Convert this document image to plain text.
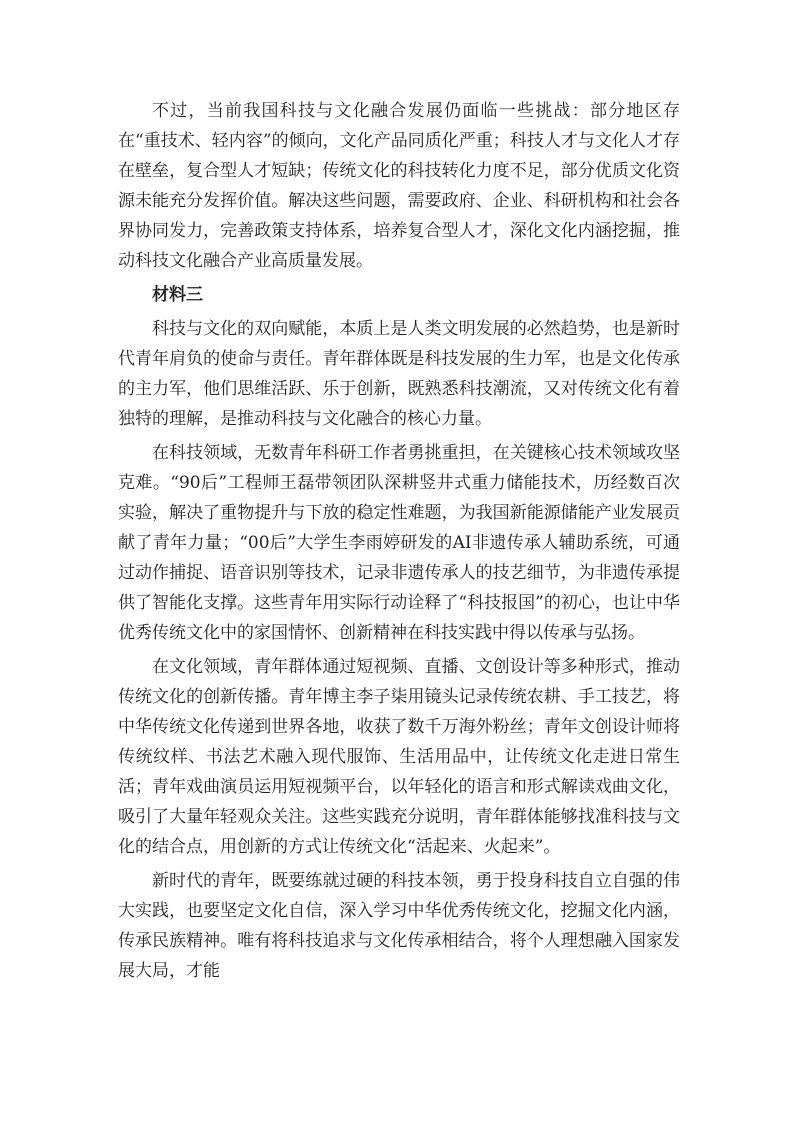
不过，当前我国科技与文化融合发展仍面临一些挑战：部分地区存在“重技术、轻内容”的倾向，文化产品同质化严重；科技人才与文化人才存在壁垒，复合型人才短缺；传统文化的科技转化力度不足，部分优质文化资源未能充分发挥价值。解决这些问题，需要政府、企业、科研机构和社会各界协同发力，完善政策支持体系，培养复合型人才，深化文化内涵挖掘，推动科技文化融合产业高质量发展。

材料三

科技与文化的双向赋能，本质上是人类文明发展的必然趋势，也是新时代青年肩负的使命与责任。青年群体既是科技发展的生力军，也是文化传承的主力军，他们思维活跃、乐于创新，既熟悉科技潮流，又对传统文化有着独特的理解，是推动科技与文化融合的核心力量。

在科技领域，无数青年科研工作者勇挑重担，在关键核心技术领域攻坚克难。“90后”工程师王磊带领团队深耕竖井式重力储能技术，历经数百次实验，解决了重物提升与下放的稳定性难题，为我国新能源储能产业发展贡献了青年力量；“00后”大学生李雨婷研发的AI非遗传承人辅助系统，可通过动作捕捉、语音识别等技术，记录非遗传承人的技艺细节，为非遗传承提供了智能化支撑。这些青年用实际行动诠释了“科技报国”的初心，也让中华优秀传统文化中的家国情怀、创新精神在科技实践中得以传承与弘扬。

在文化领域，青年群体通过短视频、直播、文创设计等多种形式，推动传统文化的创新传播。青年博主李子柒用镜头记录传统农耕、手工技艺，将中华传统文化传递到世界各地，收获了数千万海外粉丝；青年文创设计师将传统纹样、书法艺术融入现代服饰、生活用品中，让传统文化走进日常生活；青年戏曲演员运用短视频平台，以年轻化的语言和形式解读戏曲文化，吸引了大量年轻观众关注。这些实践充分说明，青年群体能够找准科技与文化的结合点，用创新的方式让传统文化“活起来、火起来”。

新时代的青年，既要练就过硬的科技本领，勇于投身科技自立自强的伟大实践，也要坚定文化自信，深入学习中华优秀传统文化，挖掘文化内涵，传承民族精神。唯有将科技追求与文化传承相结合，将个人理想融入国家发展大局，才能
